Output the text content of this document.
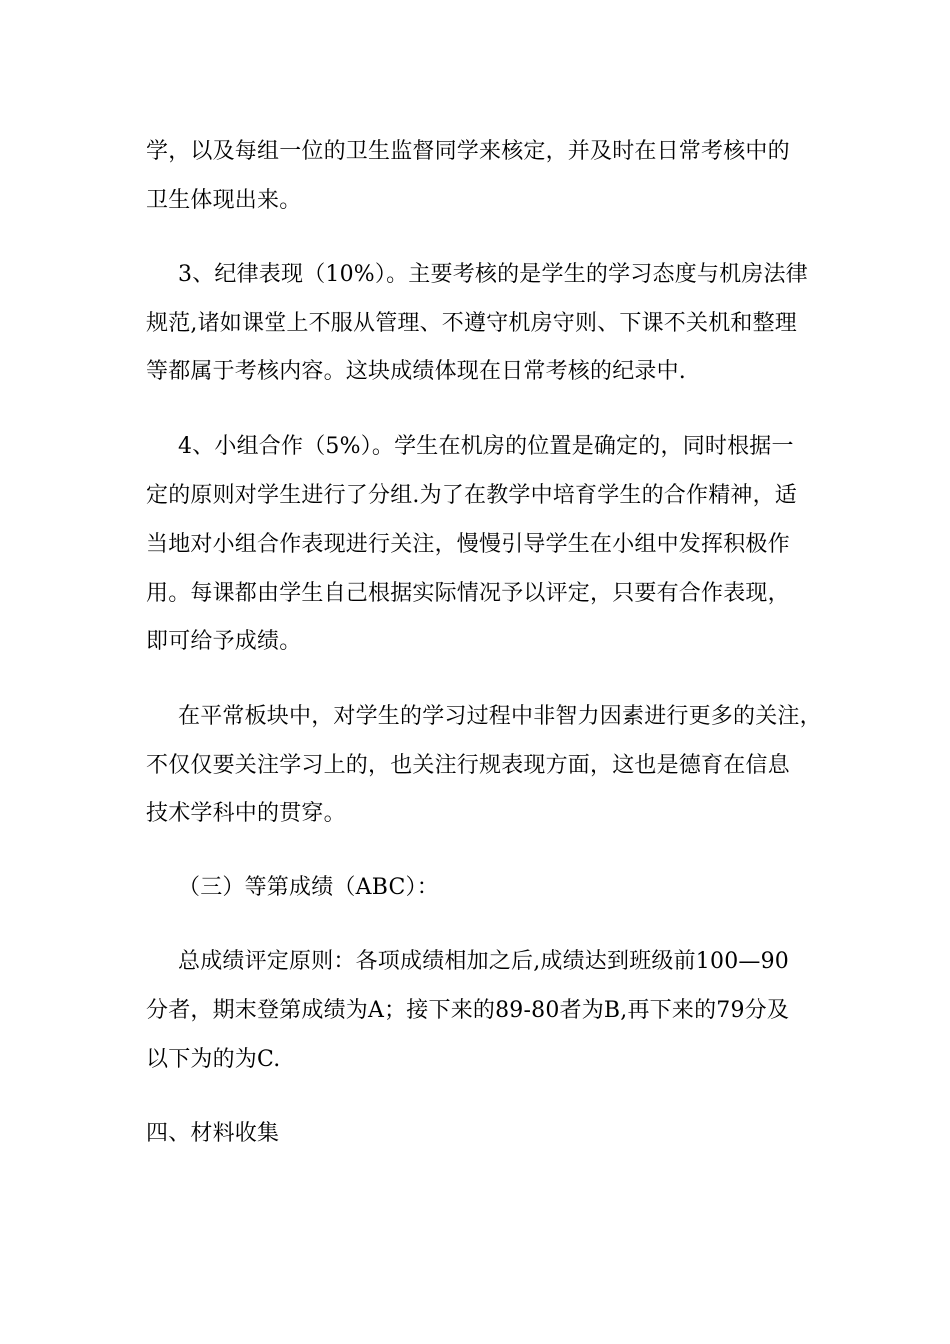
学，以及每组一位的卫生监督同学来核定，并及时在日常考核中的
卫生体现出来。
3、纪律表现（10%）。主要考核的是学生的学习态度与机房法律
规范,诸如课堂上不服从管理、不遵守机房守则、下课不关机和整理
等都属于考核内容。这块成绩体现在日常考核的纪录中.
4、小组合作（5%）。学生在机房的位置是确定的，同时根据一
定的原则对学生进行了分组.为了在教学中培育学生的合作精神，适
当地对小组合作表现进行关注，慢慢引导学生在小组中发挥积极作
用。每课都由学生自己根据实际情况予以评定，只要有合作表现，
即可给予成绩。
在平常板块中，对学生的学习过程中非智力因素进行更多的关注，
不仅仅要关注学习上的，也关注行规表现方面，这也是德育在信息
技术学科中的贯穿。
（三）等第成绩（ABC）：
总成绩评定原则：各项成绩相加之后,成绩达到班级前100—90
分者，期末登第成绩为A；接下来的89-80者为B,再下来的79分及
以下为的为C.
四、材料收集
